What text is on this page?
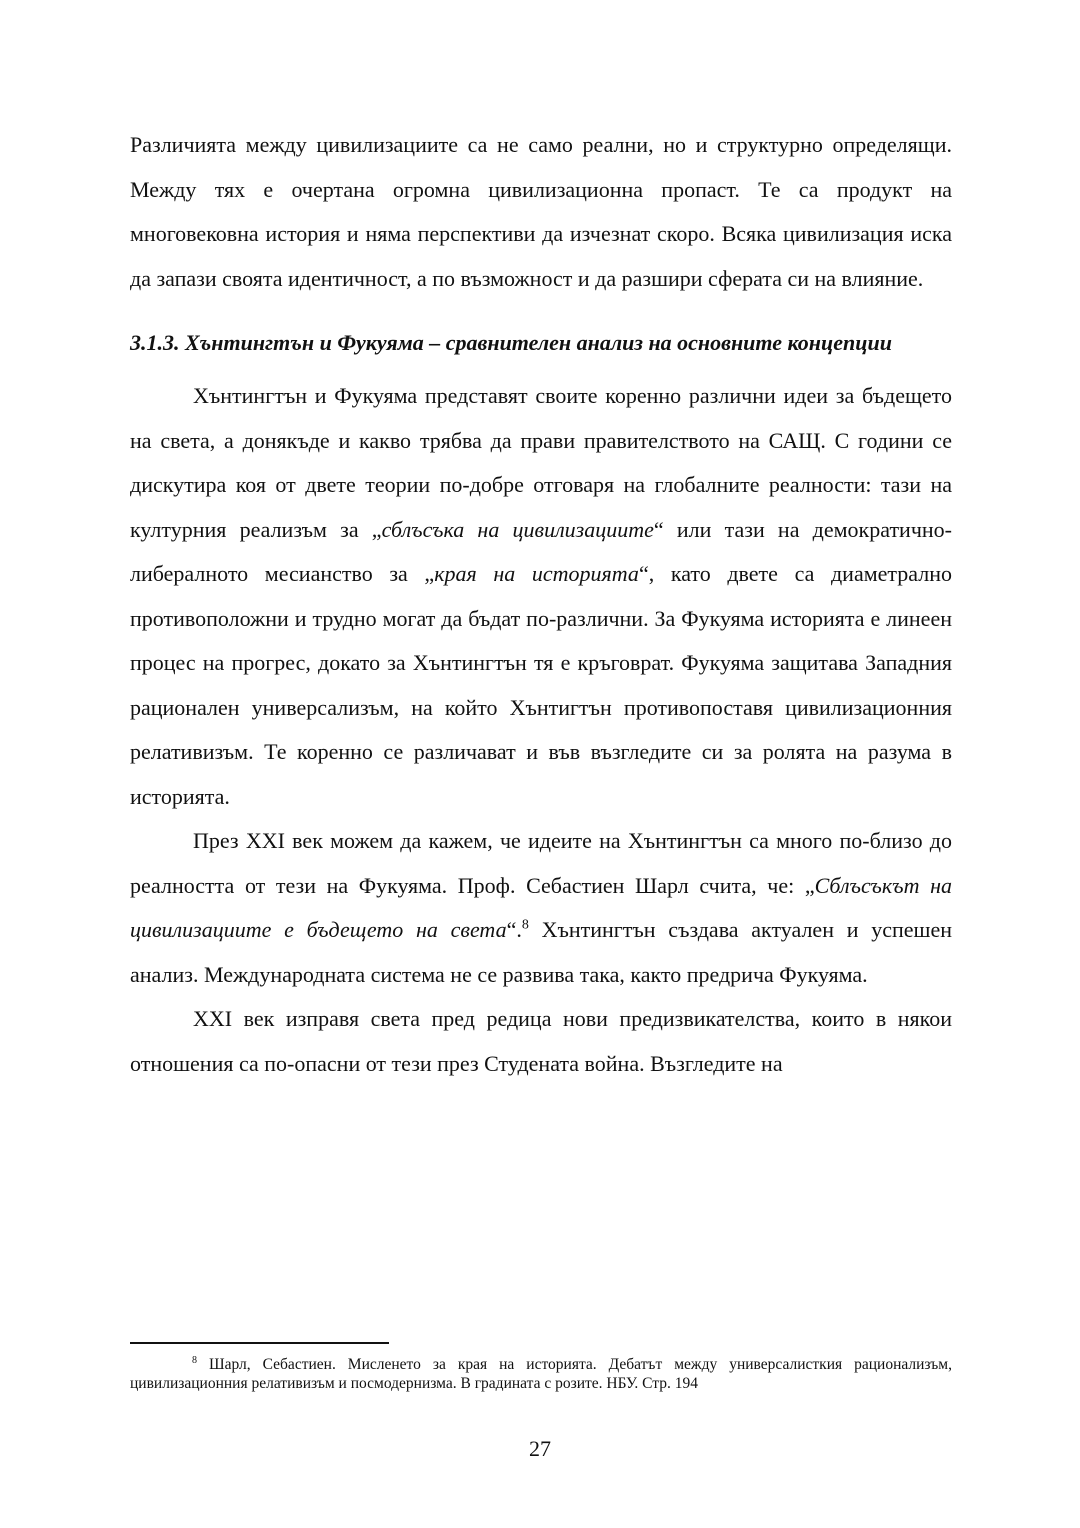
Различията между цивилизациите са не само реални, но и структурно определящи. Между тях е очертана огромна цивилизационна пропаст. Те са продукт на многовековна история и няма перспективи да изчезнат скоро. Всяка цивилизация иска да запази своята идентичност, а по възможност и да разшири сферата си на влияние.

3.1.3. Хънтингтън и Фукуяма – сравнителен анализ на основните концепции

Хънтингтън и Фукуяма представят своите коренно различни идеи за бъдещето на света, а донякъде и какво трябва да прави правителството на САЩ. С години се дискутира коя от двете теории по-добре отговаря на глобалните реалности: тази на културния реализъм за „сблъсъка на цивилизациите“ или тази на демократично-либералното месианство за „края на историята“, като двете са диаметрално противоположни и трудно могат да бъдат по-различни. За Фукуяма историята е линеен процес на прогрес, докато за Хънтингтън тя е кръговрат. Фукуяма защитава Западния рационален универсализъм, на който Хънтигтън противопоставя цивилизационния релативизъм. Те коренно се различават и във възгледите си за ролята на разума в историята.

През XXI век можем да кажем, че идеите на Хънтингтън са много по-близо до реалността от тези на Фукуяма. Проф. Себастиен Шарл счита, че: „Сблъсъкът на цивилизациите е бъдещето на света“.$^8$ Хънтингтън създава актуален и успешен анализ. Международната система не се развива така, както предрича Фукуяма.

XXI век изправя света пред редица нови предизвикателства, които в някои отношения са по-опасни от тези през Студената война. Възгледите на

$^8$ Шарл, Себастиен. Мисленето за края на историята. Дебатът между универсалисткия рационализъм, цивилизационния релативизъм и посмодернизма. В градината с розите. НБУ. Стр. 194

27
